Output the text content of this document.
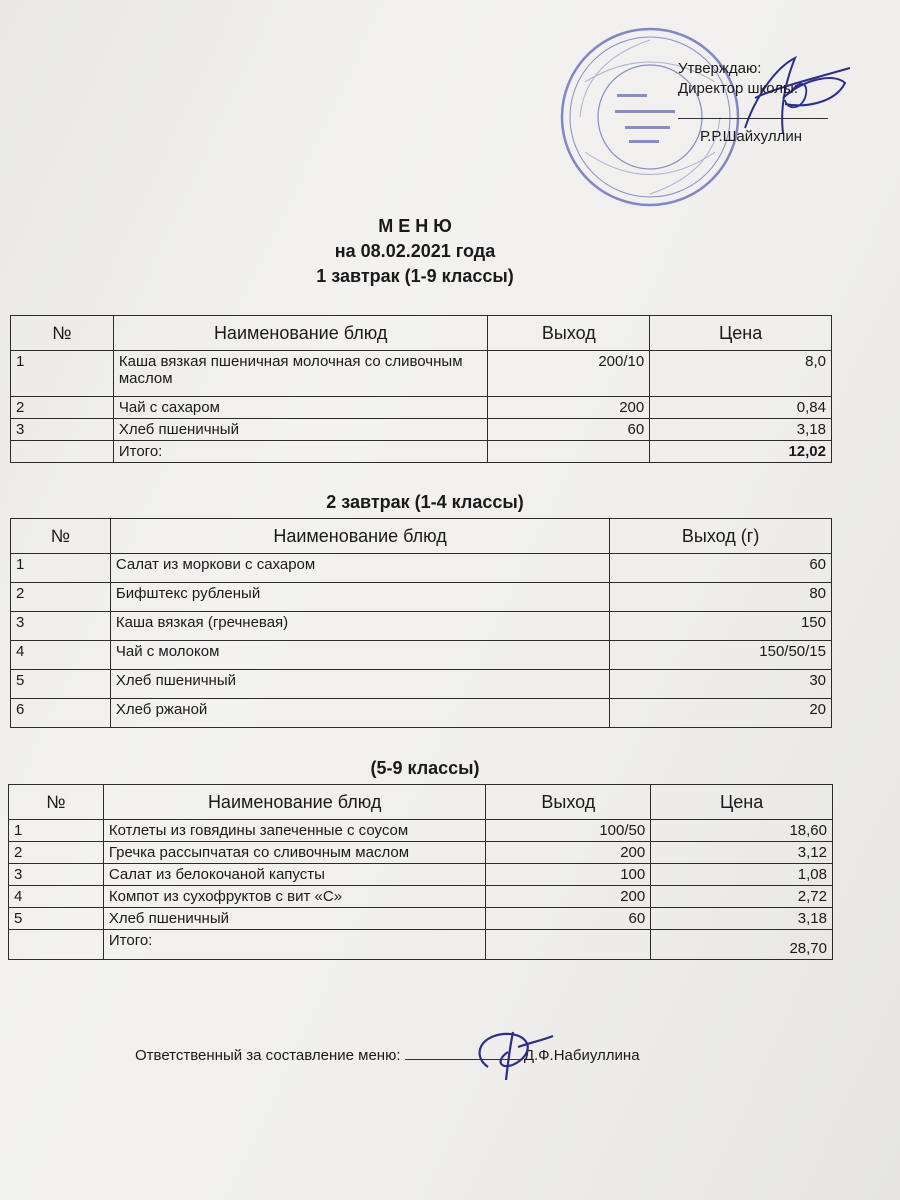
Утверждаю:
Директор школы:
Р.Р.Шайхуллин
М Е Н Ю
на 08.02.2021 года
1 завтрак (1-9 классы)
№	Наименование блюд	Выход	Цена
1	Каша вязкая пшеничная молочная со сливочным маслом	200/10	8,0
2	Чай с сахаром	200	0,84
3	Хлеб пшеничный	60	3,18
	Итого:		12,02
2 завтрак (1-4 классы)
№	Наименование блюд	Выход (г)
1	Салат из моркови с сахаром	60
2	Бифштекс рубленый	80
3	Каша вязкая (гречневая)	150
4	Чай с молоком	150/50/15
5	Хлеб пшеничный	30
6	Хлеб ржаной	20
(5-9 классы)
№	Наименование блюд	Выход	Цена
1	Котлеты из говядины запеченные с соусом	100/50	18,60
2	Гречка рассыпчатая со сливочным маслом	200	3,12
3	Салат из белокочаной капусты	100	1,08
4	Компот из сухофруктов с вит «С»	200	2,72
5	Хлеб пшеничный	60	3,18
	Итого:		28,70
Ответственный за составление меню:	Д.Ф.Набиуллина
